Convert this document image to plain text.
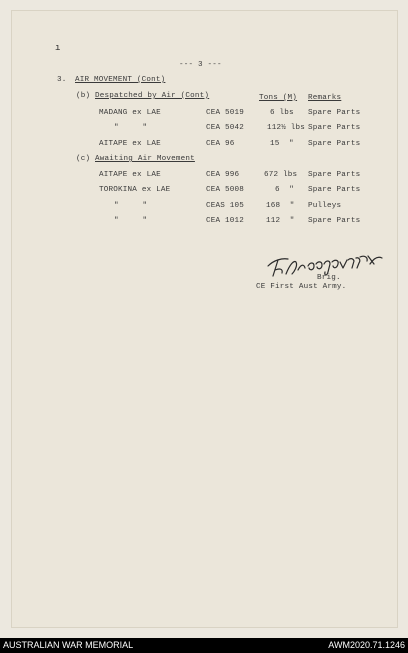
ı
--- 3 ---
3. AIR MOVEMENT (Cont)
(b) Despatched by Air (Cont)	Tons (M) Remarks
MADANG ex LAE	CEA 5019	6 lbs Spare Parts
"     "	CEA 5042	112½ lbs Spare Parts
AITAPE ex LAE	CEA 96	15  " Spare Parts
(c) Awaiting Air Movement
AITAPE ex LAE	CEA 996	672 lbs Spare Parts
TOROKINA ex LAE	CEA 5008	6  " Spare Parts
"     "	CEAS 105	168  " Pulleys
"     "	CEA 1012	112  " Spare Parts
Brig.
CE First Aust Army.
AUSTRALIAN WAR MEMORIAL	AWM2020.71.1246
